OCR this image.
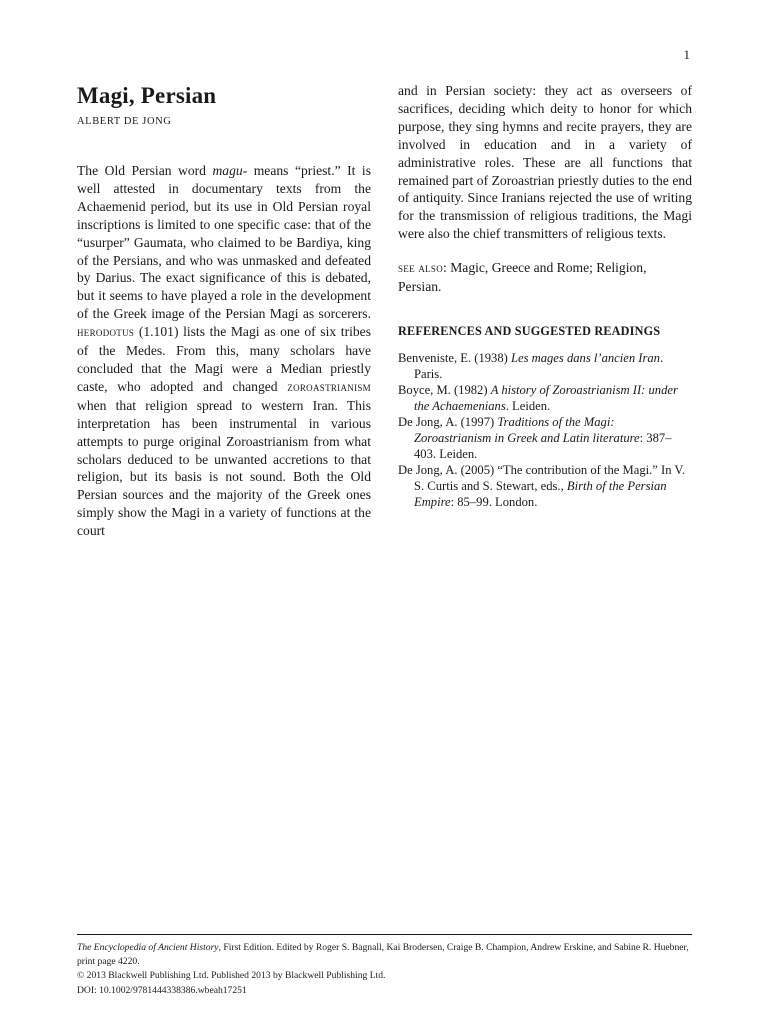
1
Magi, Persian
ALBERT DE JONG

The Old Persian word magu- means “priest.” It is well attested in documentary texts from the Achaemenid period, but its use in Old Persian royal inscriptions is limited to one specific case: that of the “usurper” Gaumata, who claimed to be Bardiya, king of the Persians, and who was unmasked and defeated by Darius. The exact significance of this is debated, but it seems to have played a role in the development of the Greek image of the Persian Magi as sorcerers. herodotus (1.101) lists the Magi as one of six tribes of the Medes. From this, many scholars have concluded that the Magi were a Median priestly caste, who adopted and changed zoroastrianism when that religion spread to western Iran. This interpretation has been instrumental in various attempts to purge original Zoroastrianism from what scholars deduced to be unwanted accretions to that religion, but its basis is not sound. Both the Old Persian sources and the majority of the Greek ones simply show the Magi in a variety of functions at the court

and in Persian society: they act as overseers of sacrifices, deciding which deity to honor for which purpose, they sing hymns and recite prayers, they are involved in education and in a variety of administrative roles. These are all functions that remained part of Zoroastrian priestly duties to the end of antiquity. Since Iranians rejected the use of writing for the transmission of religious traditions, the Magi were also the chief transmitters of religious texts.

see also: Magic, Greece and Rome; Religion, Persian.

REFERENCES AND SUGGESTED READINGS

Benveniste, E. (1938) Les mages dans l’ancien Iran. Paris.

Boyce, M. (1982) A history of Zoroastrianism II: under the Achaemenians. Leiden.

De Jong, A. (1997) Traditions of the Magi: Zoroastrianism in Greek and Latin literature: 387–403. Leiden.

De Jong, A. (2005) “The contribution of the Magi.” In V. S. Curtis and S. Stewart, eds., Birth of the Persian Empire: 85–99. London.

The Encyclopedia of Ancient History, First Edition. Edited by Roger S. Bagnall, Kai Brodersen, Craige B. Champion, Andrew Erskine, and Sabine R. Huebner, print page 4220.
© 2013 Blackwell Publishing Ltd. Published 2013 by Blackwell Publishing Ltd.
DOI: 10.1002/9781444338386.wbeah17251
